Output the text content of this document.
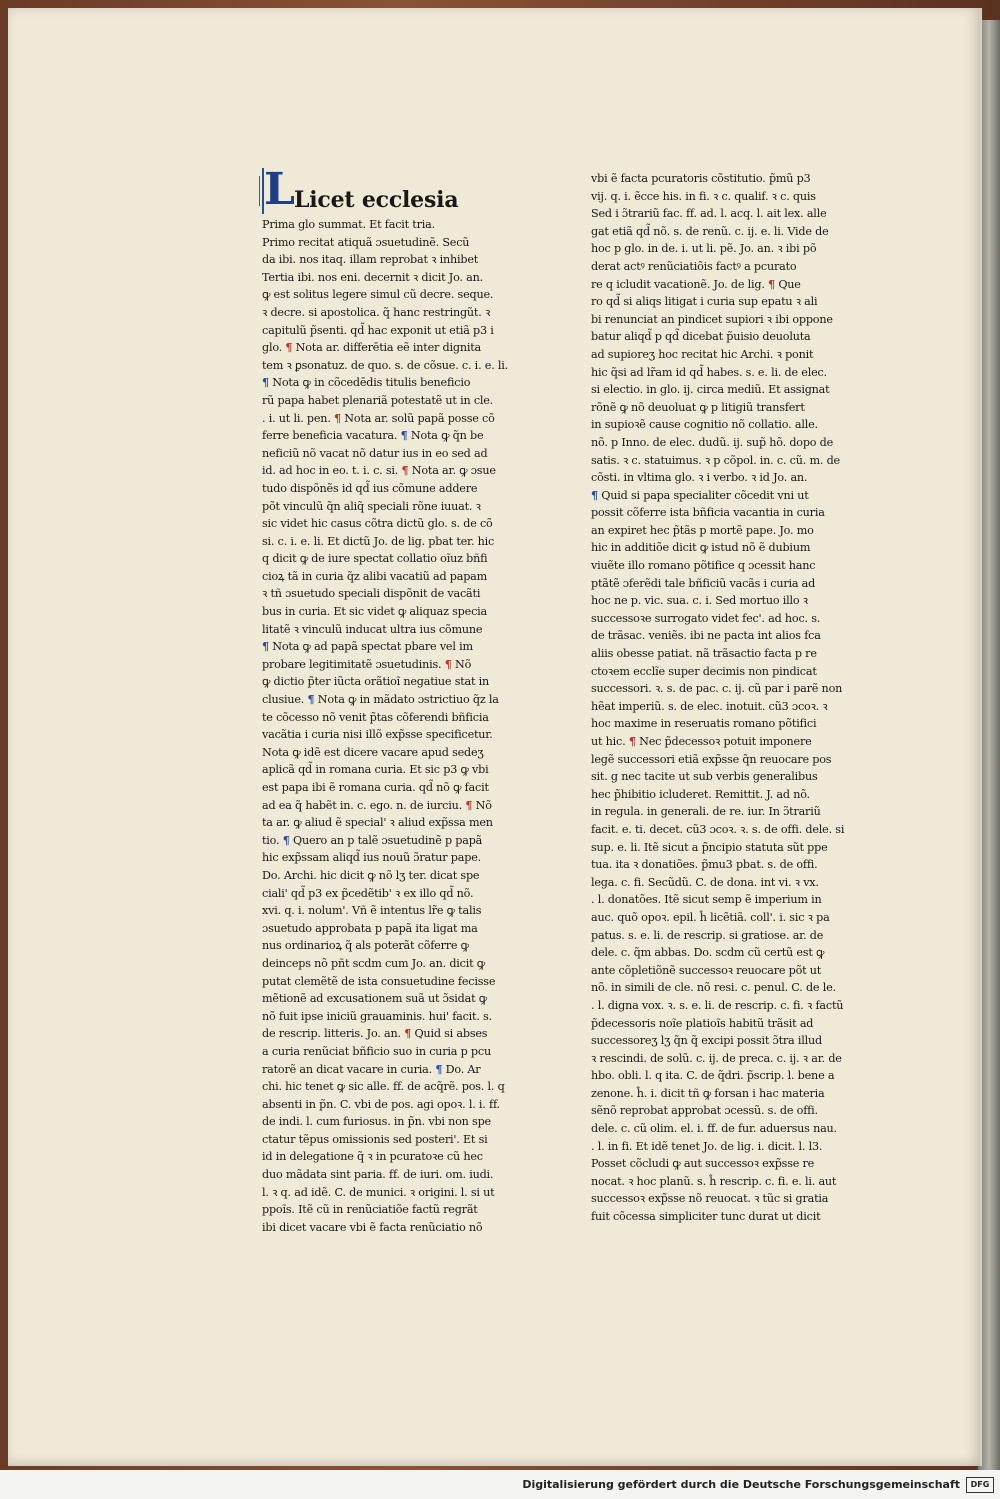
L Licet ecclesia

Prima glo summat. Et facit tria.

Primo recitat atiquã ɔsuetudinẽ. Secũ

da ibi. nos itaq. illam reprobat ꝛ inhibet

Tertia ibi. nos eni. decernit ꝛ dicit Jo. an.

ꝙ est solitus legere simul cũ decre. seque.

ꝛ decre. si apostolica. q̃ hanc restringũt. ꝛ

capitulũ p̃senti. qd̃ hac exponit ut etiã p3 i

glo. ¶ Nota ar. differētia eẽ inter dignita

tem ꝛ ꝑsonatuz. de quo. s. de cõsue. c. i. e. li.

¶ Nota ꝙ in cõcedēdis titulis beneficio

rũ papa habet plenariã potestatẽ ut in cle.

. i. ut li. pen. ¶ Nota ar. solũ papã posse cõ

ferre beneficia vacatura. ¶ Nota ꝙ q̃n be

neficiũ nõ vacat nõ datur ius in eo sed ad

id. ad hoc in eo. t. i. c. si. ¶ Nota ar. ꝙ ɔsue

tudo dispõnẽs id qd̃ ius cõmune addere

põt vinculũ q̃n aliq̃ speciali rõne iuuat. ꝛ

sic videt hic casus cõtra dictũ glo. s. de cõ

si. c. i. e. li. Et dictũ Jo. de lig. pbat ter. hic

q dicit ꝙ de iure spectat collatio oĩuz bñfi

cioꝝ tã in curia q̃z alibi vacatiũ ad papam

ꝛ tñ ɔsuetudo speciali dispõnit de vacãti

bus in curia. Et sic videt ꝙ aliquaz specia

litatẽ ꝛ vinculũ inducat ultra ius cõmune

¶ Nota ꝙ ad papã spectat pbare vel im

probare legitimitatẽ ɔsuetudinis. ¶ Nõ

ꝙ dictio p̃ter iũcta orãtioĩ negatiue stat in

clusiue. ¶ Nota ꝙ in mãdato ɔstrictiuo q̃z la

te cõcesso nõ venit p̃tas cõferendi bñficia

vacãtia i curia nisi illõ exp̃sse specificetur.

Nota ꝙ idẽ est dicere vacare apud sedeʒ

aplicã qd̃ in romana curia. Et sic p3 ꝙ vbi

est papa ibi ẽ romana curia. qd̃ nõ ꝙ facit

ad ea q̃ habẽt in. c. ego. n. de iurciu. ¶ Nõ

ta ar. ꝙ aliud ẽ special' ꝛ aliud exp̃ssa men

tio. ¶ Quero an p talẽ ɔsuetudinẽ p papã

hic exp̃ssam aliqd̃ ius nouũ ɔ̃ratur pape.

Do. Archi. hic dicit ꝙ nõ lʒ ter. dicat spe

ciali' qd̃ p3 ex p̃cedẽtib' ꝛ ex illo qd̃ nõ.

xvi. q. i. nolum'. Vñ ẽ intentus lr̃e ꝙ talis

ɔsuetudo approbata p papã ita ligat ma

nus ordinarioꝝ q̃ als poterãt cõferre ꝙ

deinceps nõ pñt scdm cum Jo. an. dicit ꝙ

putat clemẽtẽ de ista consuetudine fecisse

mẽtionẽ ad excusationem suã ut ɔ̃sidat ꝙ

nõ fuit ipse iniciũ grauaminis. hui' facit. s.

de rescrip. litteris. Jo. an. ¶ Quid si abses

a curia renũciat bñficio suo in curia p pcu

ratorẽ an dicat vacare in curia. ¶ Do. Ar

chi. hic tenet ꝙ sic alle. ff. de acq̃rẽ. pos. l. q

absenti in p̃n. C. vbi de pos. agi opoꝛ. l. i. ff.

de indi. l. cum furiosus. in p̃n. vbi non spe

ctatur tẽpus omissionis sed posteri'. Et si

id in delegatione q̃ ꝛ in pcuratoꝛe cũ hec

duo mãdata sint paria. ff. de iuri. om. iudi.

l. ꝛ q. ad idẽ. C. de munici. ꝛ origini. l. si ut

ppoĩs. Itẽ cũ in renũciatiõe factũ regrãt

ibi dicet vacare vbi ẽ facta renũciatio nõ

vbi ẽ facta pcuratoris cõstitutio. p̃mũ p3

vij. q. i. ẽcce his. in fi. ꝛ c. qualif. ꝛ c. quis

Sed i ɔ̃trariũ fac. ff. ad. l. acq. l. ait lex. alle

gat etiã qd̃ nõ. s. de renũ. c. ij. e. li. Vide de

hoc p glo. in de. i. ut li. pẽ. Jo. an. ꝛ ibi põ

derat actꝰ renũciatiõis factꝰ a pcurato

re q icludit vacationẽ. Jo. de lig. ¶ Que

ro qd̃ si aliqs litigat i curia sup epatu ꝛ ali

bi renunciat an pindicet supiori ꝛ ibi oppone

batur aliqd̃ p qd̃ dicebat p̃uisio deuoluta

ad supioreʒ hoc recitat hic Archi. ꝛ ponit

hic q̃si ad lr̃am id qd̃ habes. s. e. li. de elec.

si electio. in glo. ij. circa mediũ. Et assignat

rõnẽ ꝙ nõ deuoluat ꝙ p litigiũ transfert

in supioꝛẽ cause cognitio nõ collatio. alle.

nõ. p Inno. de elec. dudũ. ij. sup̃ hõ. dopo de

satis. ꝛ c. statuimus. ꝛ p cõpol. in. c. cũ. m. de

cõsti. in vltima glo. ꝛ i verbo. ꝛ id Jo. an.

¶ Quid si papa specialiter cõcedit vni ut

possit cõferre ista bñficia vacantia in curia

an expiret hec p̃tãs p mortẽ pape. Jo. mo

hic in additiõe dicit ꝙ istud nõ ẽ dubium

viuẽte illo romano põtifice q ɔcessit hanc

ptãtẽ ɔferẽdi tale bñficiũ vacãs i curia ad

hoc ne p. vic. sua. c. i. Sed mortuo illo ꝛ

successoꝛe surrogato videt fec'. ad hoc. s.

de trãsac. veniẽs. ibi ne pacta int alios fca

aliis obesse patiat. nã trãsactio facta p re

ctoꝛem ecclĩe super decimis non pindicat

successori. ꝛ. s. de pac. c. ij. cũ par i parẽ non

hẽat imperiũ. s. de elec. inotuit. cũ3 ɔcoꝛ. ꝛ

hoc maxime in reseruatis romano põtifici

ut hic. ¶ Nec p̃decessoꝛ potuit imponere

legẽ successori etiã exp̃sse q̃n reuocare pos

sit. g nec tacite ut sub verbis generalibus

hec p̃hibitio icluderet. Remittit. J. ad nõ.

in regula. in generali. de re. iur. In ɔ̃trariũ

facit. e. ti. decet. cũ3 ɔcoꝛ. ꝛ. s. de offi. dele. si

sup. e. li. Itẽ sicut a p̃ncipio statuta sũt ppe

tua. ita ꝛ donatiões. p̃mu3 pbat. s. de offi.

lega. c. fi. Secũdũ. C. de dona. int vi. ꝛ vx.

. l. donatões. Itẽ sicut semp ẽ imperium in

auc. quõ opoꝛ. epil. ĥ licẽtiã. coll'. i. sic ꝛ pa

patus. s. e. li. de rescrip. si gratiose. ar. de

dele. c. q̃m abbas. Do. scdm cũ certũ est ꝙ

ante cõpletiõnẽ successoꝛ reuocare põt ut

nõ. in simili de cle. nõ resi. c. penul. C. de le.

. l. digna vox. ꝛ. s. e. li. de rescrip. c. fi. ꝛ factũ

p̃decessoris noĩe platioĩs habitũ trãsit ad

successoreʒ lʒ q̃n q̃ excipi possit ɔ̃tra illud

ꝛ rescindi. de solũ. c. ij. de preca. c. ij. ꝛ ar. de

hbo. obli. l. q ita. C. de q̃dri. p̃scrip. l. bene a

zenone. ĥ. i. dicit tñ ꝙ forsan i hac materia

sẽnõ reprobat approbat ɔcessũ. s. de offi.

dele. c. cũ olim. el. i. ff. de fur. aduersus nau.

. l. in fi. Et idẽ tenet Jo. de lig. i. dicit. l. l3.

Posset cõcludi ꝙ aut successoꝛ exp̃sse re

nocat. ꝛ hoc planũ. s. ĥ rescrip. c. fi. e. li. aut

successoꝛ exp̃sse nõ reuocat. ꝛ tũc si gratia

fuit cõcessa simpliciter tunc durat ut dicit

Digitalisierung gefördert durch die Deutsche Forschungsgemeinschaft	DFG
